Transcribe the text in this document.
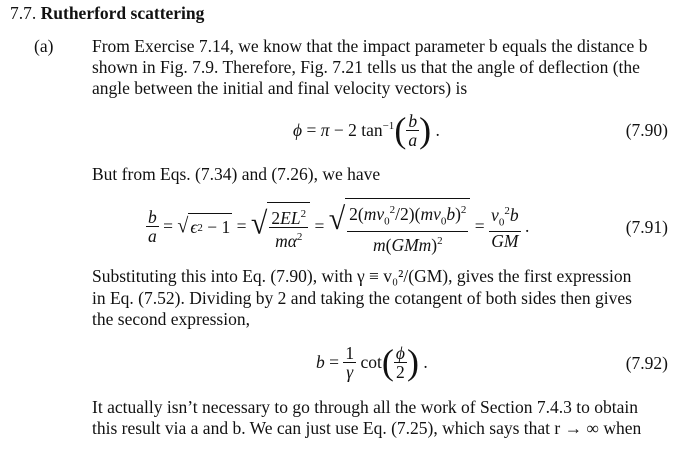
7.7. Rutherford scattering
(a) From Exercise 7.14, we know that the impact parameter b equals the distance b
shown in Fig. 7.9. Therefore, Fig. 7.21 tells us that the angle of deflection (the
angle between the initial and final velocity vectors) is
ϕ = π − 2 $\tan^{-1}$ ( $\frac{b}{a}$ ) .	(7.90)
But from Eqs. (7.34) and (7.26), we have
$\frac{b}{a}$ = √ ϵ 2 − 1 = √ $\frac{2EL^2}{m\alpha^2}$ = √ $\frac{2(mv_0^2/2)(mv_0b)^2}{m(GMm)^2} = \frac{v_0^2b}{GM}$ .	(7.91)
Substituting this into Eq. (7.90), with γ ≡ v₀²/(GM), gives the first expression
in Eq. (7.52). Dividing by 2 and taking the cotangent of both sides then gives
the second expression,
$b = \frac{1}{\gamma}$ cot ( $\frac{\phi}{2}$ ) .	(7.92)
It actually isn’t necessary to go through all the work of Section 7.4.3 to obtain
this result via a and b. We can just use Eq. (7.25), which says that r → ∞ when
